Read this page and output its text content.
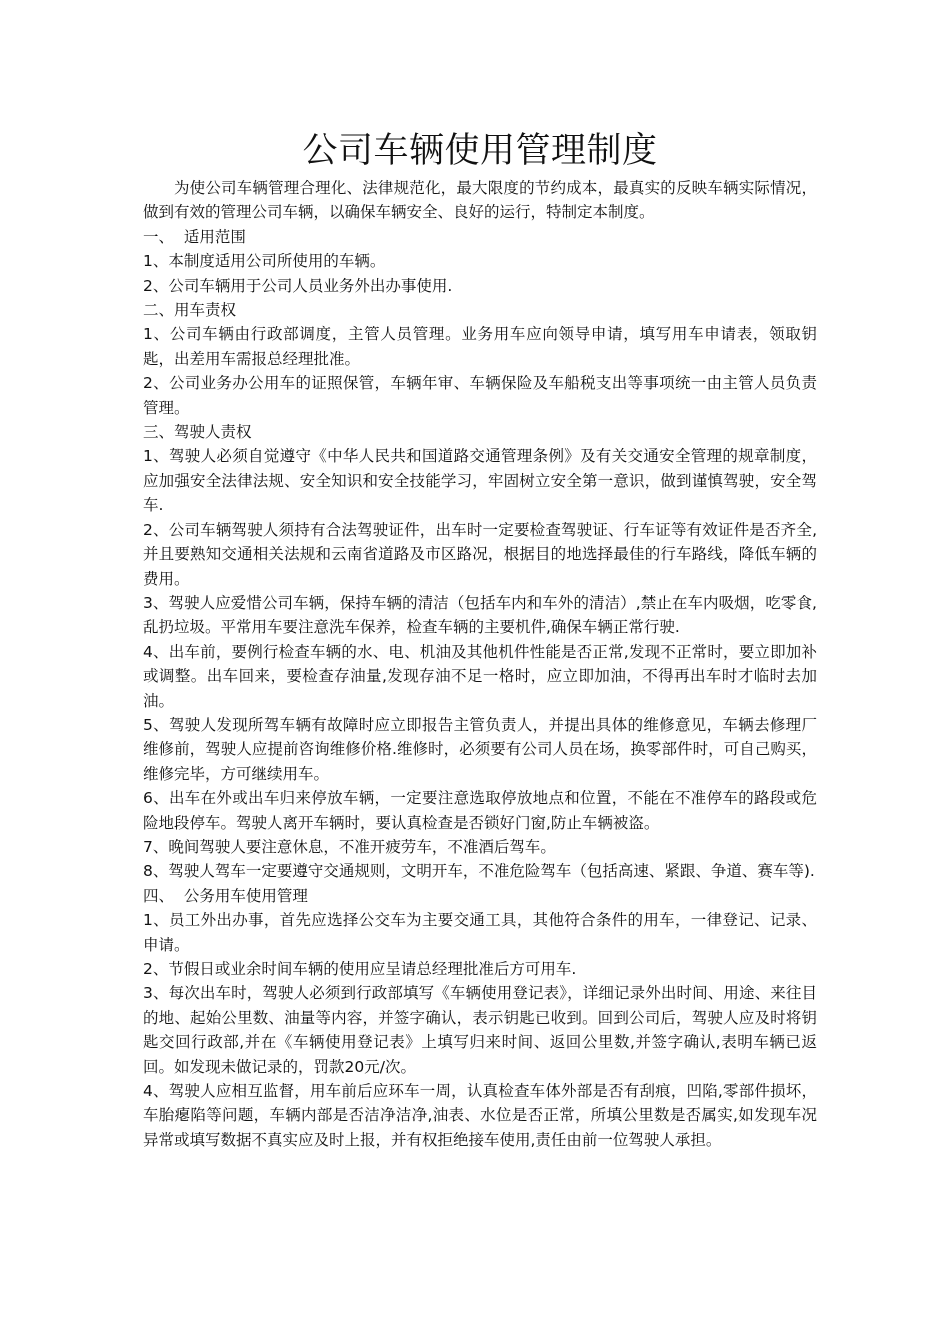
公司车辆使用管理制度

为使公司车辆管理合理化、法律规范化，最大限度的节约成本，最真实的反映车辆实际情况，做到有效的管理公司车辆，以确保车辆安全、良好的运行，特制定本制度。

一、  适用范围

1、本制度适用公司所使用的车辆。

2、公司车辆用于公司人员业务外出办事使用.

二、用车责权

1、公司车辆由行政部调度，主管人员管理。业务用车应向领导申请，填写用车申请表，领取钥匙，出差用车需报总经理批准。

2、公司业务办公用车的证照保管，车辆年审、车辆保险及车船税支出等事项统一由主管人员负责管理。

三、驾驶人责权

1、驾驶人必须自觉遵守《中华人民共和国道路交通管理条例》及有关交通安全管理的规章制度，应加强安全法律法规、安全知识和安全技能学习，牢固树立安全第一意识，做到谨慎驾驶，安全驾车.

2、公司车辆驾驶人须持有合法驾驶证件，出车时一定要检查驾驶证、行车证等有效证件是否齐全,并且要熟知交通相关法规和云南省道路及市区路况，根据目的地选择最佳的行车路线，降低车辆的费用。

3、驾驶人应爱惜公司车辆，保持车辆的清洁（包括车内和车外的清洁）,禁止在车内吸烟，吃零食,乱扔垃圾。平常用车要注意洗车保养，检查车辆的主要机件,确保车辆正常行驶.

4、出车前，要例行检查车辆的水、电、机油及其他机件性能是否正常,发现不正常时，要立即加补或调整。出车回来，要检查存油量,发现存油不足一格时，应立即加油，不得再出车时才临时去加油。

5、驾驶人发现所驾车辆有故障时应立即报告主管负责人，并提出具体的维修意见，车辆去修理厂维修前，驾驶人应提前咨询维修价格.维修时，必须要有公司人员在场，换零部件时，可自己购买，维修完毕，方可继续用车。

6、出车在外或出车归来停放车辆，一定要注意选取停放地点和位置，不能在不准停车的路段或危险地段停车。驾驶人离开车辆时，要认真检查是否锁好门窗,防止车辆被盗。

7、晚间驾驶人要注意休息，不准开疲劳车，不准酒后驾车。

8、驾驶人驾车一定要遵守交通规则，文明开车，不准危险驾车（包括高速、紧跟、争道、赛车等).

四、  公务用车使用管理

1、员工外出办事，首先应选择公交车为主要交通工具，其他符合条件的用车，一律登记、记录、申请。

2、节假日或业余时间车辆的使用应呈请总经理批准后方可用车.

3、每次出车时，驾驶人必须到行政部填写《车辆使用登记表》，详细记录外出时间、用途、来往目的地、起始公里数、油量等内容，并签字确认，表示钥匙已收到。回到公司后，驾驶人应及时将钥匙交回行政部,并在《车辆使用登记表》上填写归来时间、返回公里数,并签字确认,表明车辆已返回。如发现未做记录的，罚款20元/次。

4、驾驶人应相互监督，用车前后应环车一周，认真检查车体外部是否有刮痕，凹陷,零部件损坏，车胎瘪陷等问题，车辆内部是否洁净洁净,油表、水位是否正常，所填公里数是否属实,如发现车况异常或填写数据不真实应及时上报，并有权拒绝接车使用,责任由前一位驾驶人承担。
